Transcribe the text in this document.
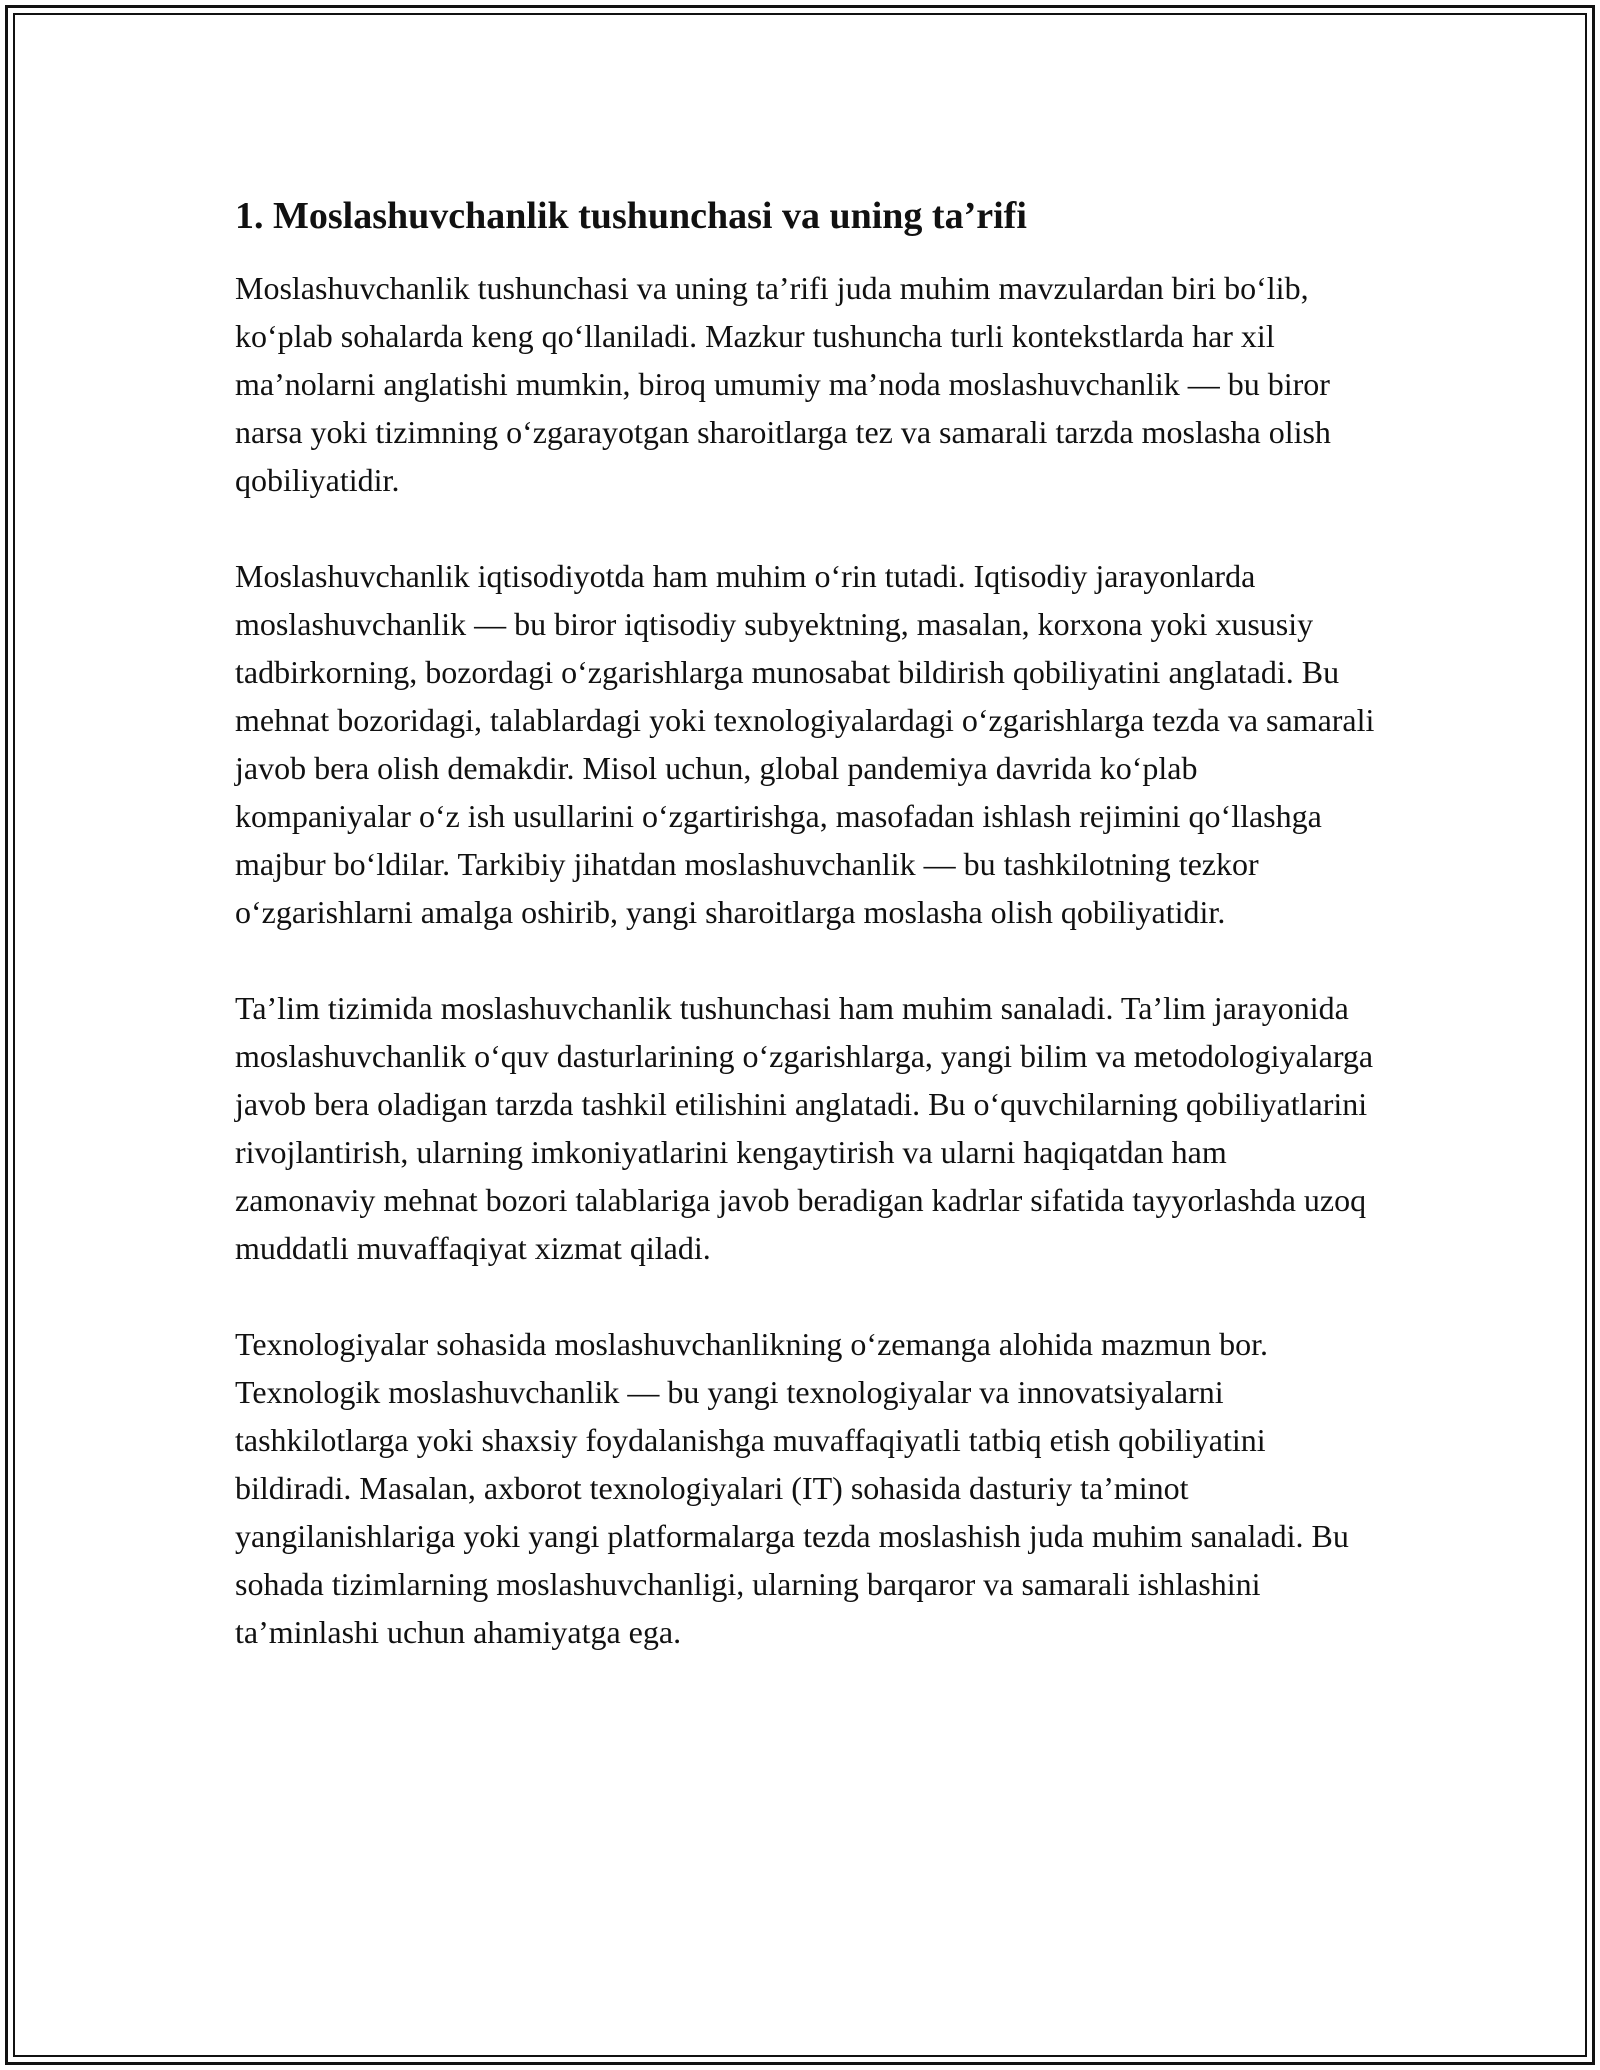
1. Moslashuvchanlik tushunchasi va uning ta’rifi

Moslashuvchanlik tushunchasi va uning ta’rifi juda muhim mavzulardan biri bo‘lib, ko‘plab sohalarda keng qo‘llaniladi. Mazkur tushuncha turli kontekstlarda har xil ma’nolarni anglatishi mumkin, biroq umumiy ma’noda moslashuvchanlik — bu biror narsa yoki tizimning o‘zgarayotgan sharoitlarga tez va samarali tarzda moslasha olish qobiliyatidir.

Moslashuvchanlik iqtisodiyotda ham muhim o‘rin tutadi. Iqtisodiy jarayonlarda moslashuvchanlik — bu biror iqtisodiy subyektning, masalan, korxona yoki xususiy tadbirkorning, bozordagi o‘zgarishlarga munosabat bildirish qobiliyatini anglatadi. Bu mehnat bozoridagi, talablardagi yoki texnologiyalardagi o‘zgarishlarga tezda va samarali javob bera olish demakdir. Misol uchun, global pandemiya davrida ko‘plab kompaniyalar o‘z ish usullarini o‘zgartirishga, masofadan ishlash rejimini qo‘llashga majbur bo‘ldilar. Tarkibiy jihatdan moslashuvchanlik — bu tashkilotning tezkor o‘zgarishlarni amalga oshirib, yangi sharoitlarga moslasha olish qobiliyatidir.

Ta’lim tizimida moslashuvchanlik tushunchasi ham muhim sanaladi. Ta’lim jarayonida moslashuvchanlik o‘quv dasturlarining o‘zgarishlarga, yangi bilim va metodologiyalarga javob bera oladigan tarzda tashkil etilishini anglatadi. Bu o‘quvchilarning qobiliyatlarini rivojlantirish, ularning imkoniyatlarini kengaytirish va ularni haqiqatdan ham zamonaviy mehnat bozori talablariga javob beradigan kadrlar sifatida tayyorlashda uzoq muddatli muvaffaqiyat xizmat qiladi.

Texnologiyalar sohasida moslashuvchanlikning o‘zemanga alohida mazmun bor. Texnologik moslashuvchanlik — bu yangi texnologiyalar va innovatsiyalarni tashkilotlarga yoki shaxsiy foydalanishga muvaffaqiyatli tatbiq etish qobiliyatini bildiradi. Masalan, axborot texnologiyalari (IT) sohasida dasturiy ta’minot yangilanishlariga yoki yangi platformalarga tezda moslashish juda muhim sanaladi. Bu sohada tizimlarning moslashuvchanligi, ularning barqaror va samarali ishlashini ta’minlashi uchun ahamiyatga ega.
